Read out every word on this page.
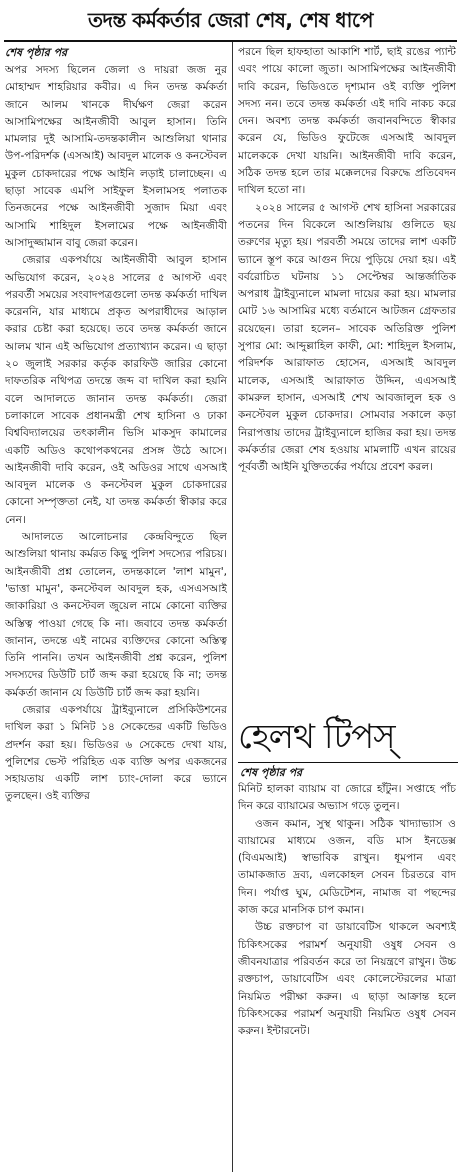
তদন্ত কর্মকর্তার জেরা শেষ, শেষ ধাপে
শেষ পৃষ্ঠার পর

অপর সদস্য ছিলেন জেলা ও দায়রা জজ নুর মোহাম্মদ শাহরিয়ার কবীর। এ দিন তদন্ত কর্মকর্তা জানে আলম খানকে দীর্ঘক্ষণ জেরা করেন আসামিপক্ষের আইনজীবী আবুল হাসান। তিনি মামলার দুই আসামি-তদন্তকালীন আশুলিয়া থানার উপ-পরিদর্শক (এসআই) আবদুল মালেক ও কনস্টেবল মুকুল চোকদারের পক্ষে আইনি লড়াই চালাচ্ছেন। এ ছাড়া সাবেক এমপি সাইফুল ইসলামসহ পলাতক তিনজনের পক্ষে আইনজীবী সুজাদ মিয়া এবং আসামি শাহিদুল ইসলামের পক্ষে আইনজীবী আসাদুজ্জামান বাবু জেরা করেন।

জেরার একপর্যায়ে আইনজীবী আবুল হাসান অভিযোগ করেন, ২০২৪ সালের ৫ আগস্ট এবং পরবর্তী সময়ের সংবাদপত্রগুলো তদন্ত কর্মকর্তা দাখিল করেননি, যার মাধ্যমে প্রকৃত অপরাধীদের আড়াল করার চেষ্টা করা হয়েছে। তবে তদন্ত কর্মকর্তা জানে আলম খান এই অভিযোগ প্রত্যাখ্যান করেন। এ ছাড়া ২০ জুলাই সরকার কর্তৃক কারফিউ জারির কোনো দাফতরিক নথিপত্র তদন্তে জব্দ বা দাখিল করা হয়নি বলে আদালতে জানান তদন্ত কর্মকর্তা। জেরা চলাকালে সাবেক প্রধানমন্ত্রী শেখ হাসিনা ও ঢাকা বিশ্ববিদ্যালয়ের তৎকালীন ভিসি মাকসুদ কামালের একটি অডিও কথোপকথনের প্রসঙ্গ উঠে আসে। আইনজীবী দাবি করেন, ওই অডিওর সাথে এসআই আবদুল মালেক ও কনস্টেবল মুকুল চোকদারের কোনো সম্পৃক্ততা নেই, যা তদন্ত কর্মকর্তা স্বীকার করে নেন।

আদালতে আলোচনার কেন্দ্রবিন্দুতে ছিল আশুলিয়া থানায় কর্মরত কিছু পুলিশ সদস্যের পরিচয়। আইনজীবী প্রশ্ন তোলেন, তদন্তকালে 'লাশ মামুন', 'ভাত্তা মামুন', কনস্টেবল আবদুল হক, এসএসআই জাকারিয়া ও কনস্টেবল জুয়েল নামে কোনো ব্যক্তির অস্তিত্ব পাওয়া গেছে কি না। জবাবে তদন্ত কর্মকর্তা জানান, তদন্তে এই নামের ব্যক্তিদের কোনো অস্তিত্ব তিনি পাননি। তখন আইনজীবী প্রশ্ন করেন, পুলিশ সদস্যদের ডিউটি চার্ট জব্দ করা হয়েছে কি না; তদন্ত কর্মকর্তা জানান যে ডিউটি চার্ট জব্দ করা হয়নি।

জেরার একপর্যায়ে ট্রাইব্যুনালে প্রসিকিউশনের দাখিল করা ১ মিনিট ১৪ সেকেন্ডের একটি ভিডিও প্রদর্শন করা হয়। ভিডিওর ৬ সেকেন্ডে দেখা যায়, পুলিশের ভেস্ট পরিহিত এক ব্যক্তি অপর একজনের সহায়তায় একটি লাশ চ্যাং-দোলা করে ভ্যানে তুলছেন। ওই ব্যক্তির

পরনে ছিল হাফহাতা আকাশি শার্ট, ছাই রঙের প্যান্ট এবং পায়ে কালো জুতা। আসামিপক্ষের আইনজীবী দাবি করেন, ভিডিওতে দৃশ্যমান ওই ব্যক্তি পুলিশ সদস্য নন। তবে তদন্ত কর্মকর্তা এই দাবি নাকচ করে দেন। অবশ্য তদন্ত কর্মকর্তা জবানবন্দিতে স্বীকার করেন যে, ভিডিও ফুটেজে এসআই আবদুল মালেককে দেখা যায়নি। আইনজীবী দাবি করেন, সঠিক তদন্ত হলে তার মক্কেলদের বিরুদ্ধে প্রতিবেদন দাখিল হতো না।

২০২৪ সালের ৫ আগস্ট শেখ হাসিনা সরকারের পতনের দিন বিকেলে আশুলিয়ায় গুলিতে ছয় তরুণের মৃত্যু হয়। পরবর্তী সময়ে তাদের লাশ একটি ভ্যানে স্তূপ করে আগুন দিয়ে পুড়িয়ে দেয়া হয়। এই বর্বরোচিত ঘটনায় ১১ সেপ্টেম্বর আন্তর্জাতিক অপরাধ ট্রাইব্যুনালে মামলা দায়ের করা হয়। মামলার মোট ১৬ আসামির মধ্যে বর্তমানে আটজন গ্রেফতার রয়েছেন। তারা হলেন– সাবেক অতিরিক্ত পুলিশ সুপার মো: আব্দুল্লাহিল কাফী, মো: শাহিদুল ইসলাম, পরিদর্শক আরাফাত হোসেন, এসআই আবদুল মালেক, এসআই আরাফাত উদ্দিন, এএসআই কামরুল হাসান, এসআই শেখ আবজালুল হক ও কনস্টেবল মুকুল চোকদার। সোমবার সকালে কড়া নিরাপত্তায় তাদের ট্রাইব্যুনালে হাজির করা হয়। তদন্ত কর্মকর্তার জেরা শেষ হওয়ায় মামলাটি এখন রায়ের পূর্ববর্তী আইনি যুক্তিতর্কের পর্যায়ে প্রবেশ করল।

হেলথ টিপস্
শেষ পৃষ্ঠার পর

মিনিট হালকা ব্যায়াম বা জোরে হাঁটুন। সপ্তাহে পাঁচ দিন করে ব্যায়ামের অভ্যাস গড়ে তুলুন।

ওজন কমান, সুস্থ থাকুন। সঠিক খাদ্যাভ্যাস ও ব্যায়ামের মাধ্যমে ওজন, বডি মাস ইনডেক্স (বিএমআই) স্বাভাবিক রাখুন। ধূমপান এবং তামাকজাত দ্রব্য, এলকোহল সেবন চিরতরে বাদ দিন। পর্যাপ্ত ঘুম, মেডিটেশন, নামাজ বা পছন্দের কাজ করে মানসিক চাপ কমান।

উচ্চ রক্তচাপ বা ডায়াবেটিস থাকলে অবশ্যই চিকিৎসকের পরামর্শ অনুযায়ী ওষুধ সেবন ও জীবনযাত্রার পরিবর্তন করে তা নিয়ন্ত্রণে রাখুন। উচ্চ রক্তচাপ, ডায়াবেটিস এবং কোলেস্টেরলের মাত্রা নিয়মিত পরীক্ষা করুন। এ ছাড়া আক্রান্ত হলে চিকিৎসকের পরামর্শ অনুযায়ী নিয়মিত ওষুধ সেবন করুন। ইন্টারনেট।
